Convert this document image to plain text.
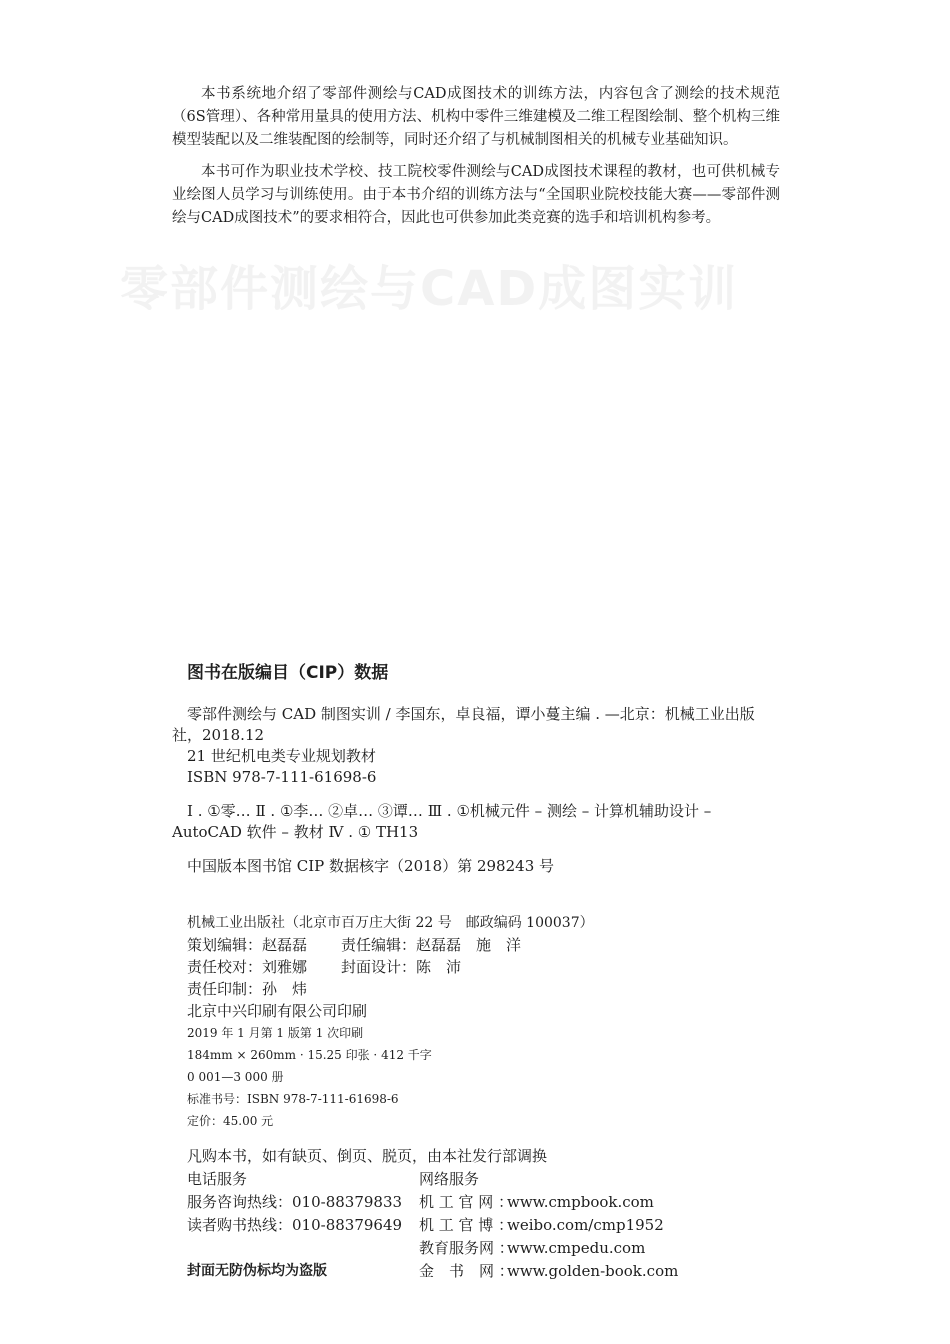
零部件测绘与CAD成图实训

本书系统地介绍了零部件测绘与CAD成图技术的训练方法，内容包含了测绘的技术规范（6S管理）、各种常用量具的使用方法、机构中零件三维建模及二维工程图绘制、整个机构三维模型装配以及二维装配图的绘制等，同时还介绍了与机械制图相关的机械专业基础知识。

本书可作为职业技术学校、技工院校零件测绘与CAD成图技术课程的教材，也可供机械专业绘图人员学习与训练使用。由于本书介绍的训练方法与“全国职业院校技能大赛——零部件测绘与CAD成图技术”的要求相符合，因此也可供参加此类竞赛的选手和培训机构参考。

图书在版编目（CIP）数据

零部件测绘与 CAD 制图实训 / 李国东，卓良福，谭小蔓主编 . —北京：机械工业出版社，2018.12

21 世纪机电类专业规划教材

ISBN 978-7-111-61698-6

Ⅰ . ①零… Ⅱ . ①李… ②卓… ③谭… Ⅲ . ①机械元件 – 测绘 – 计算机辅助设计 – AutoCAD 软件 – 教材 Ⅳ . ① TH13

中国版本图书馆 CIP 数据核字（2018）第 298243 号

机械工业出版社（北京市百万庄大街 22 号　邮政编码 100037）
策划编辑：赵磊磊 责任编辑：赵磊磊　施　洋
责任校对：刘雅娜 封面设计：陈　沛
责任印制：孙　炜
北京中兴印刷有限公司印刷
2019 年 1 月第 1 版第 1 次印刷
184mm × 260mm · 15.25 印张 · 412 千字
0 001—3 000 册
标准书号：ISBN 978-7-111-61698-6
定价：45.00 元
凡购本书，如有缺页、倒页、脱页，由本社发行部调换
电话服务	网络服务
服务咨询热线：010-88379833 机 工 官 网 ：www.cmpbook.com
读者购书热线：010-88379649 机 工 官 博 ：weibo.com/cmp1952
教育服务网 ：www.cmpedu.com
封面无防伪标均为盗版	金　书　网 ：www.golden-book.com
